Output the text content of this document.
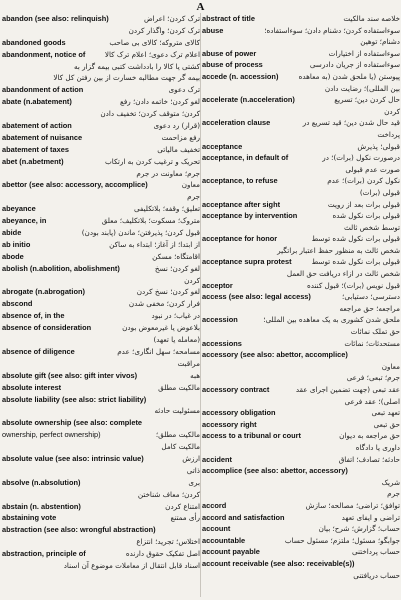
A
abandon (see also: relinquish)	ترک کردن؛ اعراض
ترک کردن؛ واگذار کردن
abandoned goods	کالای متروکه؛ کالای بی صاحب
abandonment, notice of	اعلام ترک دعوی؛ اعلام ترک کالا
کشتی یا کالا را بادداشت کتبی بیمه گزار به
بیمه گر جهت مطالبه خسارت از بین رفتن کل کالا
abandonment of action	ترک دعوی
abate (n.abatement)	لغو کردن؛ خاتمه دادن؛ رفع
کردن؛ متوقف کردن؛ تخفیف دادن
abatement of action	(قرار) رد دعوی
abatement of nuisance	رفع مزاحمت
abatement of taxes	تخفیف مالیاتی
abet (n.abetment)	تحریک و ترغیب کردن به ارتکاب
جرم؛ معاونت در جرم
abettor (see also: accessory, accomplice)	معاون
جرم
abeyance	تعلیق؛ وقفه؛ بلاتکلیفی
abeyance, in	متروک؛ مسکوت؛ بلاتکلیف؛ معلق
abide	قبول کردن؛ پذیرفتن؛ ماندن (پابند بودن)
ab initio	از ابتدا؛ از آغاز؛ ابتداء به ساکن
abode	اقامتگاه؛ مسکن
abolish (n.abolition, abolishment)	لغو کردن؛ نسخ
کردن
abrogate (n.abrogation)	لغو کردن؛ نسخ کردن
abscond	فرار کردن؛ مخفی شدن
absence of, in the	در غیاب؛ در نبود
absence of consideration	بلاعوض یا غیرمعوض بودن
(معامله یا تعهد)
absence of diligence	مسامحه؛ سهل انگاری؛ عدم
مراقبت
absolute gift (see also: gift inter vivos)	هبه
absolute interest	مالکیت مطلق
absolute liability (see also: strict liability)
مسئولیت حادثه
absolute ownership (see also: complete
ownership, perfect ownership)	مالکیت مطلق؛
مالکیت کامل
absolute value (see also: intrinsic value)	ارزش
ذاتی
absolve (n.absolution)	بری
کردن؛ معاف شناختن
abstain (n. abstention)	امتناع کردن
abstaining vote	رأی ممتنع
abstraction (see also: wrongful abstraction)
اختلاس؛ تجرید؛ انتزاع
abstraction, principle of	اصل تفکیک حقوق دارنده
اسناد قابل انتقال از معاملات موضوع آن اسناد
abstract of title	خلاصه سند مالکیت
abuse	سوءاستفاده کردن؛ دشنام دادن؛ سوءاستفاده؛
دشنام؛ توهین
abuse of power	سوءاستفاده از اختیارات
abuse of process	سوءاستفاده از جریان دادرسی
accede (n. accession)	پیوستن (یا ملحق شدن (به معاهده
بین المللی)؛ رضایت دادن
accelerate (n.acceleration)	حال کردن دین؛ تسریع
کردن
acceleration clause	قید حال شدن دین؛ قید تسریع در
پرداخت
acceptance	قبولی؛ پذیرش
acceptance, in default of	درصورت نکول (برات)؛ در
صورت عدم قبولی
acceptance, to refuse	نکول کردن (برات)؛ عدم
قبولی (برات)
acceptance after sight	قبولی برات بعد از رویت
acceptance by intervention	قبولی برات نکول شده
توسط شخص ثالث
acceptance for honor	قبولی برات نکول شده توسط
شخص ثالث به منظور حفظ اعتبار براتگیر
acceptance supra protest	قبولی برات نکول شده توسط
شخص ثالث در ازاء دریافت حق العمل
acceptor	قبول نویس (برات)؛ قبول کننده
access (see also: legal access)	دسترسی؛ دستیابی؛
مراجعه؛ حق مراجعه
accession	ملحق شدن کشوری به یک معاهده بین المللی؛
حق تملک نمائات
accessions	مستحدثات؛ نمائات
accessory (see also: abettor, accomplice)
معاون
جرم؛ تبعی؛ فرعی
accessory contract	عقد تبعی (جهت تضمین اجرای عقد
اصلی)؛ عقد فرعی
accessory obligation	تعهد تبعی
accessory right	حق تبعی
access to a tribunal or court	حق مراجعه به دیوان
داوری یا دادگاه
accident	حادثه؛ تصادف؛ اتفاق
accomplice (see also: abettor, accessory)
شریک
جرم
accord	توافق؛ تراضی؛ مصالحه؛ سازش
accord and satisfaction	تراضی و ایفای تعهد
account	حساب؛ گزارش؛ شرح؛ بیان
accountable	جوابگو؛ مسئول؛ ملتزم؛ مسئول حساب
account payable	حساب پرداختنی
account receivable (see also: receivable(s))
حساب دریافتنی
